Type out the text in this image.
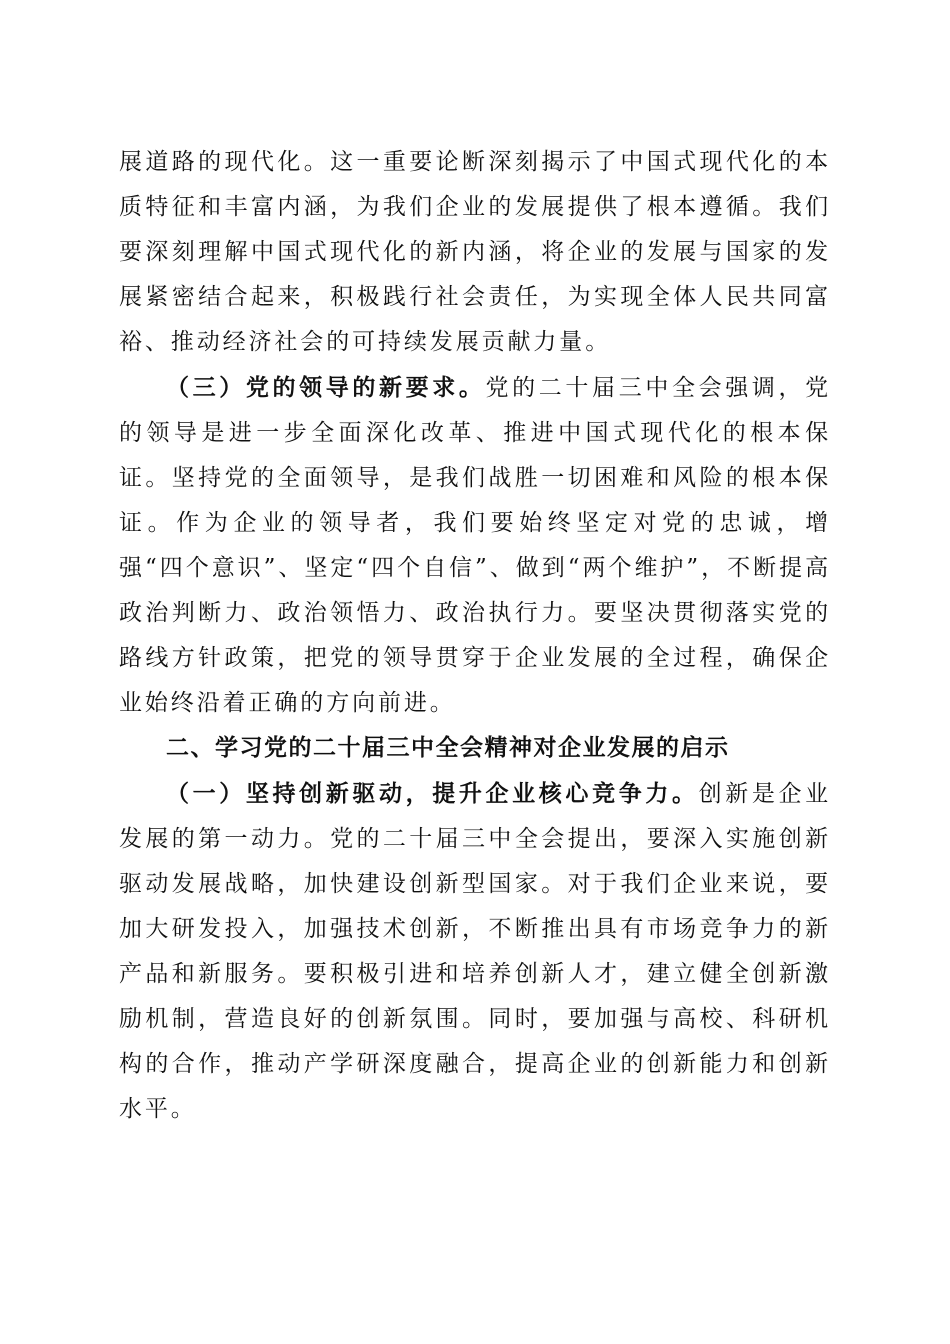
展道路的现代化。这一重要论断深刻揭示了中国式现代化的本质特征和丰富内涵，为我们企业的发展提供了根本遵循。我们要深刻理解中国式现代化的新内涵，将企业的发展与国家的发展紧密结合起来，积极践行社会责任，为实现全体人民共同富裕、推动经济社会的可持续发展贡献力量。

（三）党的领导的新要求。党的二十届三中全会强调，党的领导是进一步全面深化改革、推进中国式现代化的根本保证。坚持党的全面领导，是我们战胜一切困难和风险的根本保证。作为企业的领导者，我们要始终坚定对党的忠诚，增强“四个意识”、坚定“四个自信”、做到“两个维护”，不断提高政治判断力、政治领悟力、政治执行力。要坚决贯彻落实党的路线方针政策，把党的领导贯穿于企业发展的全过程，确保企业始终沿着正确的方向前进。

二、学习党的二十届三中全会精神对企业发展的启示

（一）坚持创新驱动，提升企业核心竞争力。创新是企业发展的第一动力。党的二十届三中全会提出，要深入实施创新驱动发展战略，加快建设创新型国家。对于我们企业来说，要加大研发投入，加强技术创新，不断推出具有市场竞争力的新产品和新服务。要积极引进和培养创新人才，建立健全创新激励机制，营造良好的创新氛围。同时，要加强与高校、科研机构的合作，推动产学研深度融合，提高企业的创新能力和创新水平。
